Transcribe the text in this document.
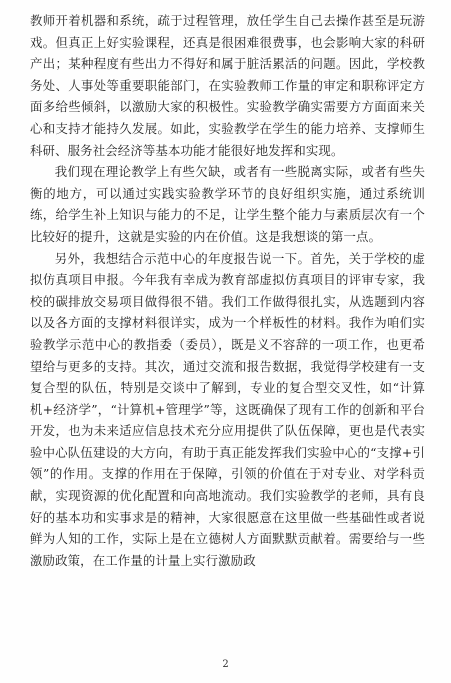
教师开着机器和系统，疏于过程管理，放任学生自己去操作甚至是玩游戏。但真正上好实验课程，还真是很困难很费事，也会影响大家的科研产出；某种程度有些出力不得好和属于脏活累活的问题。因此，学校教务处、人事处等重要职能部门，在实验教师工作量的审定和职称评定方面多给些倾斜，以激励大家的积极性。实验教学确实需要方方面面来关心和支持才能持久发展。如此，实验教学在学生的能力培养、支撑师生科研、服务社会经济等基本功能才能很好地发挥和实现。

我们现在理论教学上有些欠缺，或者有一些脱离实际，或者有些失衡的地方，可以通过实践实验教学环节的良好组织实施，通过系统训练，给学生补上知识与能力的不足，让学生整个能力与素质层次有一个比较好的提升，这就是实验的内在价值。这是我想谈的第一点。

另外，我想结合示范中心的年度报告说一下。首先，关于学校的虚拟仿真项目申报。今年我有幸成为教育部虚拟仿真项目的评审专家，我校的碳排放交易项目做得很不错。我们工作做得很扎实，从选题到内容以及各方面的支撑材料很详实，成为一个样板性的材料。我作为咱们实验教学示范中心的教指委（委员），既是义不容辞的一项工作，也更希望给与更多的支持。其次，通过交流和报告数据，我觉得学校建有一支复合型的队伍，特别是交谈中了解到，专业的复合型交叉性，如“计算机+经济学”，“计算机+管理学”等，这既确保了现有工作的创新和平台开发，也为未来适应信息技术充分应用提供了队伍保障，更也是代表实验中心队伍建设的大方向，有助于真正能发挥我们实验中心的“支撑+引领”的作用。支撑的作用在于保障，引领的价值在于对专业、对学科贡献，实现资源的优化配置和向高地流动。我们实验教学的老师，具有良好的基本功和实事求是的精神，大家很愿意在这里做一些基础性或者说鲜为人知的工作，实际上是在立德树人方面默默贡献着。需要给与一些激励政策，在工作量的计量上实行激励政

2
